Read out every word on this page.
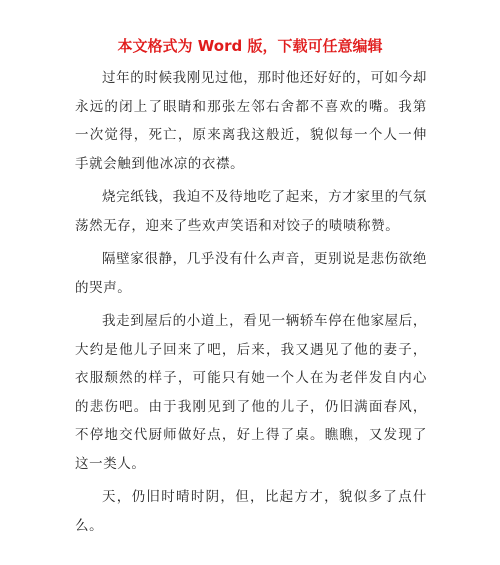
本文格式为 Word 版，下载可任意编辑

过年的时候我刚见过他，那时他还好好的，可如今却永远的闭上了眼睛和那张左邻右舍都不喜欢的嘴。我第一次觉得，死亡，原来离我这般近，貌似每一个人一伸手就会触到他冰凉的衣襟。

烧完纸钱，我迫不及待地吃了起来，方才家里的气氛荡然无存，迎来了些欢声笑语和对饺子的啧啧称赞。

隔壁家很静，几乎没有什么声音，更别说是悲伤欲绝的哭声。

我走到屋后的小道上，看见一辆轿车停在他家屋后，大约是他儿子回来了吧，后来，我又遇见了他的妻子，衣服颓然的样子，可能只有她一个人在为老伴发自内心的悲伤吧。由于我刚见到了他的儿子，仍旧满面春风，不停地交代厨师做好点，好上得了桌。瞧瞧，又发现了这一类人。

天，仍旧时晴时阴，但，比起方才，貌似多了点什么。
